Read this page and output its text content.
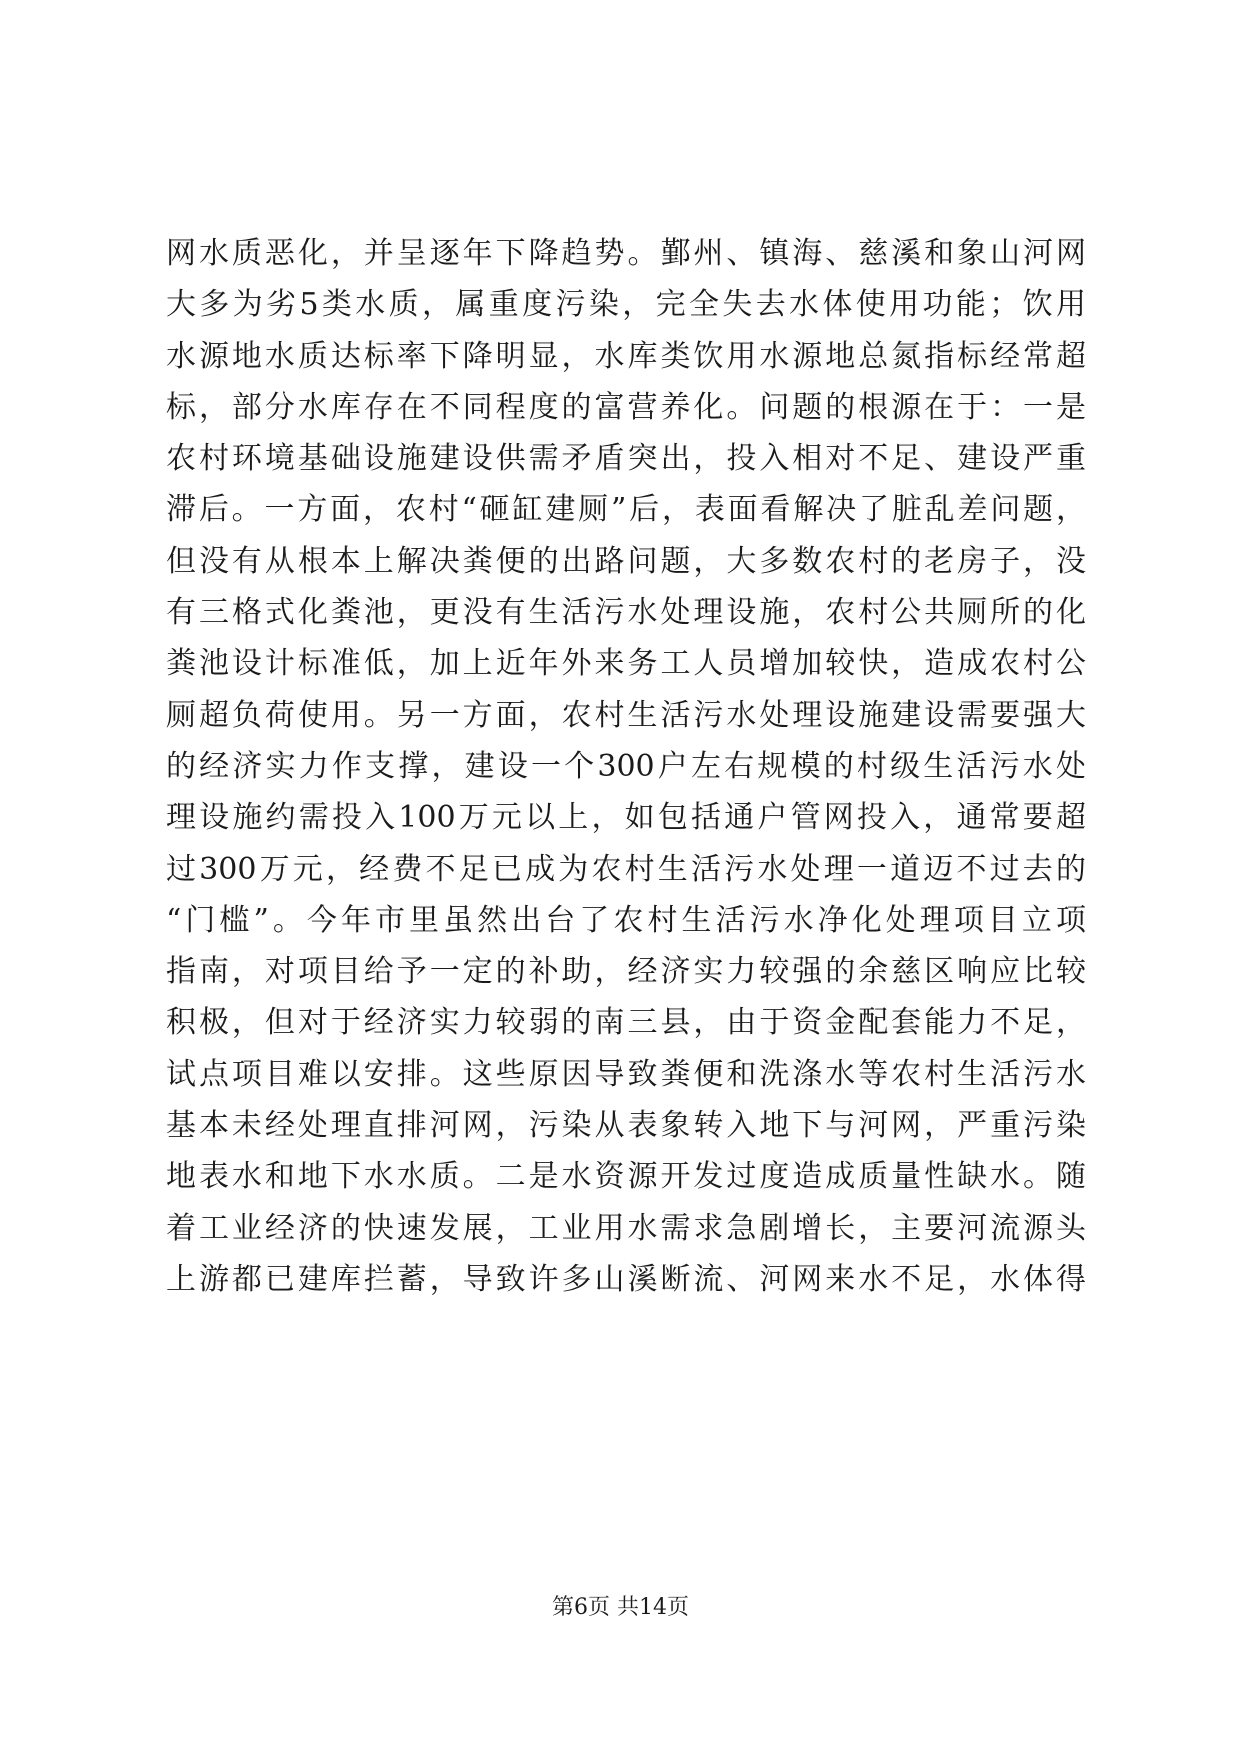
网水质恶化，并呈逐年下降趋势。鄞州、镇海、慈溪和象山河网
大多为劣5类水质，属重度污染，完全失去水体使用功能；饮用
水源地水质达标率下降明显，水库类饮用水源地总氮指标经常超
标，部分水库存在不同程度的富营养化。问题的根源在于：一是
农村环境基础设施建设供需矛盾突出，投入相对不足、建设严重
滞后。一方面，农村“砸缸建厕”后，表面看解决了脏乱差问题，
但没有从根本上解决粪便的出路问题，大多数农村的老房子，没
有三格式化粪池，更没有生活污水处理设施，农村公共厕所的化
粪池设计标准低，加上近年外来务工人员增加较快，造成农村公
厕超负荷使用。另一方面，农村生活污水处理设施建设需要强大
的经济实力作支撑，建设一个300户左右规模的村级生活污水处
理设施约需投入100万元以上，如包括通户管网投入，通常要超
过300万元，经费不足已成为农村生活污水处理一道迈不过去的
“门槛”。今年市里虽然出台了农村生活污水净化处理项目立项
指南，对项目给予一定的补助，经济实力较强的余慈区响应比较
积极，但对于经济实力较弱的南三县，由于资金配套能力不足，
试点项目难以安排。这些原因导致粪便和洗涤水等农村生活污水
基本未经处理直排河网，污染从表象转入地下与河网，严重污染
地表水和地下水水质。二是水资源开发过度造成质量性缺水。随
着工业经济的快速发展，工业用水需求急剧增长，主要河流源头
上游都已建库拦蓄，导致许多山溪断流、河网来水不足，水体得
第6页 共14页
